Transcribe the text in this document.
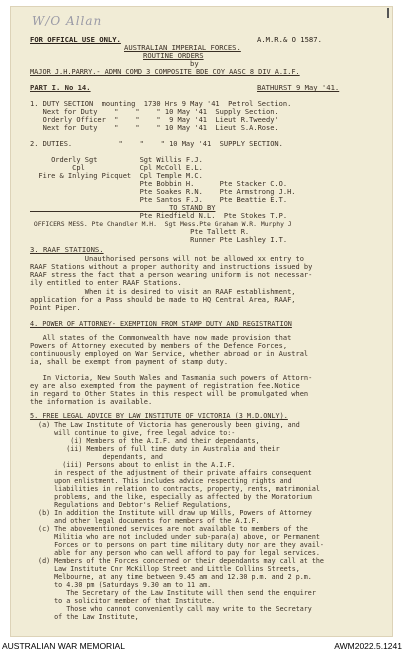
W/O Allan
FOR OFFICAL USE ONLY.	A.M.R.& O 1587.
AUSTRALIAN IMPERIAL FORCES.
ROUTINE ORDERS
by
MAJOR J.H.PARRY.- ADMN COMD 3 COMPOSITE BDE COY AASC 8 DIV A.I.F.
PART I. No 14.	BATHURST 9 May '41.
1. DUTY SECTION  mounting  1730 Hrs 9 May '41  Petrol Section.
Next for Duty    "    "    " 10 May '41  Supply Section.
Orderly Officer  "    "    "  9 May '41  Lieut R.Tweedy'
Next for Duty    "    "    " 10 May '41  Lieut S.A.Rose.
2. DUTIES.           "    "    " 10 May '41  SUPPLY SECTION.
Orderly Sgt          Sgt Willis F.J.
Cpl             Cpl McColl E.L.
Fire & Inlying Picquet  Cpl Temple M.C.
Pte Bobbin H.      Pte Stacker C.O.
Pte Soakes R.N.    Pte Armstrong J.H.
Pte Santos F.J.    Pte Beattie E.T.
TO STAND BY
Pte Riedfield N.L.  Pte Stokes T.P.
OFFICERS MESS. Pte Chandler M.H.  Sgt Mess.Pte Graham W.R. Murphy J
Pte Tallett R.
Runner Pte Lashley I.T.
3. RAAF STATIONS.
Unauthorised persons will not be allowed xx entry to
RAAF Stations without a proper authority and instructions issued by
RAAF stress the fact that a person wearing uniform is not necessar-
ily entitled to enter RAAF Stations.
When it is desired to visit an RAAF establishment,
application for a Pass should be made to HQ Central Area, RAAF,
Point Piper.
4. POWER OF ATTORNEY- EXEMPTION FROM STAMP DUTY AND REGISTRATION
All states of the Commonwealth have now made provision that
Powers of Attorney executed by members of the Defence Forces,
continuously employed on War Service, whether abroad or in Austral
ia, shall be exempt from payment of stamp duty.
In Victoria, New South Wales and Tasmania such powers of Attorn-
ey are also exempted from the payment of registration fee.Notice
in regard to Other States in this respect will be promulgated when
the information is available.
5. FREE LEGAL ADVICE BY LAW INSTITUTE OF VICTORIA (3 M.D.ONLY).
(a) The Law Institute of Victoria has generously been giving, and
will continue to give, free legal advice to:-
(i) Members of the A.I.F. and their dependants,
(ii) Members of full time duty in Australia and their
dependants, and
(iii) Persons about to enlist in the A.I.F.
in respect of the adjustment of their private affairs consequent
upon enlistment. This includes advice respecting rights and
liabilities in relation to contracts, property, rents, matrimonial
problems, and the like, especially as affected by the Moratorium
Regulations and Debtor's Relief Regulations,
(b) In addition the Institute will draw up Wills, Powers of Attorney
and other legal documents for members of the A.I.F.
(c) The abovementioned services are not available to members of the
Militia who are not included under sub-para(a) above, or Permanent
Forces or to persons on part time military duty nor are they avail-
able for any person who can well afford to pay for legal services.
(d) Members of the Forces concerned or their dependants may call at the
Law Institute Cnr McKillop Street and Little Collins Streets,
Melbourne, at any time between 9.45 am and 12.30 p.m. and 2 p.m.
to 4.30 pm (Saturdays 9.30 am to 11 am.
The Secretary of the Law Institute will then send the enquirer
to a solicitor member of that Institute.
Those who cannot conveniently call may write to the Secretary
of the Law Institute,
AUSTRALIAN WAR MEMORIAL	AWM2022.5.1241
